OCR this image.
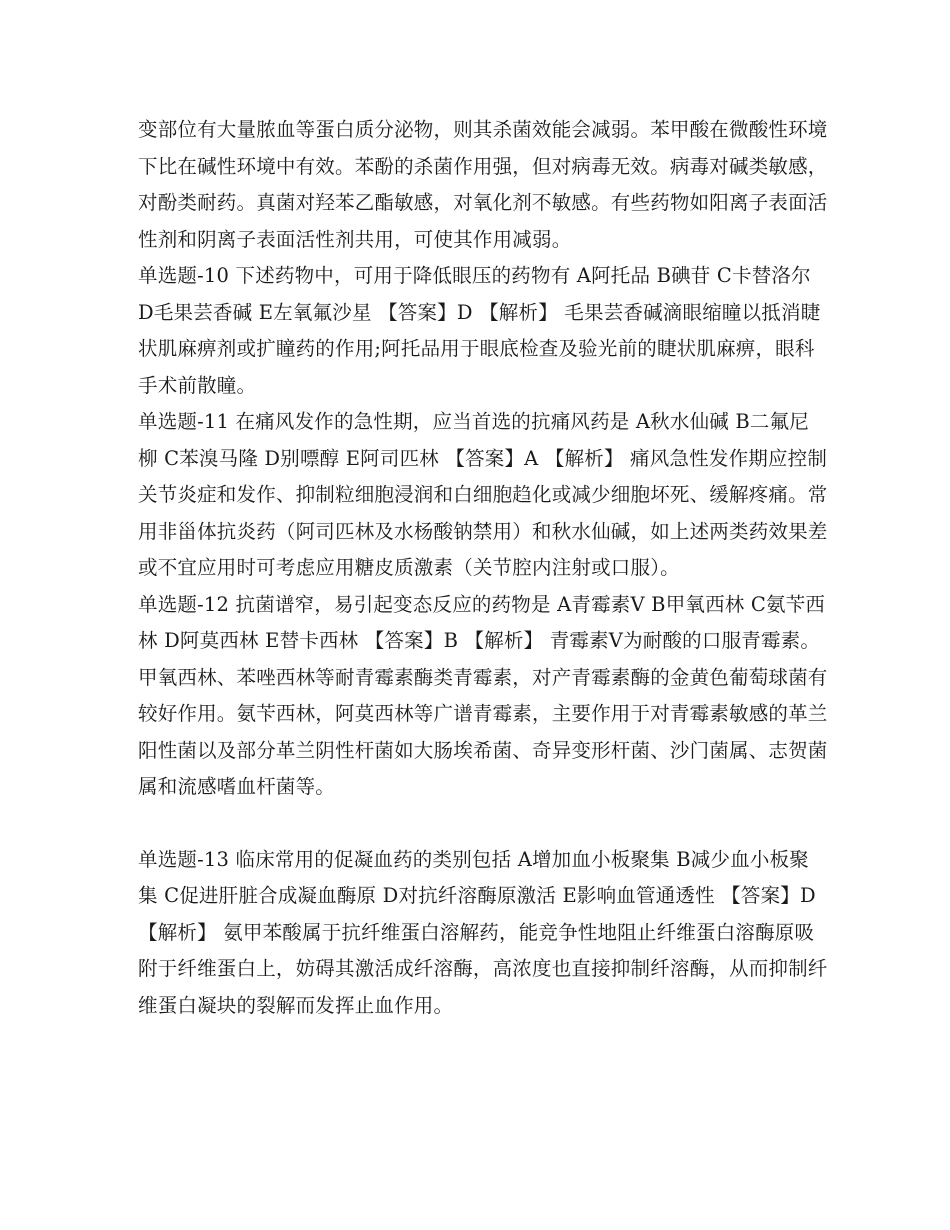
变部位有大量脓血等蛋白质分泌物，则其杀菌效能会减弱。苯甲酸在微酸性环境下比在碱性环境中有效。苯酚的杀菌作用强，但对病毒无效。病毒对碱类敏感，对酚类耐药。真菌对羟苯乙酯敏感，对氧化剂不敏感。有些药物如阳离子表面活性剂和阴离子表面活性剂共用，可使其作用减弱。

单选题-10 下述药物中，可用于降低眼压的药物有 A阿托品 B碘苷 C卡替洛尔 D毛果芸香碱 E左氧氟沙星 【答案】D 【解析】 毛果芸香碱滴眼缩瞳以抵消睫状肌麻痹剂或扩瞳药的作用;阿托品用于眼底检查及验光前的睫状肌麻痹，眼科手术前散瞳。

单选题-11 在痛风发作的急性期，应当首选的抗痛风药是 A秋水仙碱 B二氟尼柳 C苯溴马隆 D别嘌醇 E阿司匹林 【答案】A 【解析】 痛风急性发作期应控制关节炎症和发作、抑制粒细胞浸润和白细胞趋化或减少细胞坏死、缓解疼痛。常用非甾体抗炎药（阿司匹林及水杨酸钠禁用）和秋水仙碱，如上述两类药效果差或不宜应用时可考虑应用糖皮质激素（关节腔内注射或口服）。

单选题-12 抗菌谱窄，易引起变态反应的药物是 A青霉素V B甲氧西林 C氨苄西林 D阿莫西林 E替卡西林 【答案】B 【解析】 青霉素V为耐酸的口服青霉素。甲氧西林、苯唑西林等耐青霉素酶类青霉素，对产青霉素酶的金黄色葡萄球菌有较好作用。氨苄西林，阿莫西林等广谱青霉素，主要作用于对青霉素敏感的革兰阳性菌以及部分革兰阴性杆菌如大肠埃希菌、奇异变形杆菌、沙门菌属、志贺菌属和流感嗜血杆菌等。

单选题-13 临床常用的促凝血药的类别包括 A增加血小板聚集 B减少血小板聚集 C促进肝脏合成凝血酶原 D对抗纤溶酶原激活 E影响血管通透性 【答案】D 【解析】 氨甲苯酸属于抗纤维蛋白溶解药，能竞争性地阻止纤维蛋白溶酶原吸附于纤维蛋白上，妨碍其激活成纤溶酶，高浓度也直接抑制纤溶酶，从而抑制纤维蛋白凝块的裂解而发挥止血作用。
